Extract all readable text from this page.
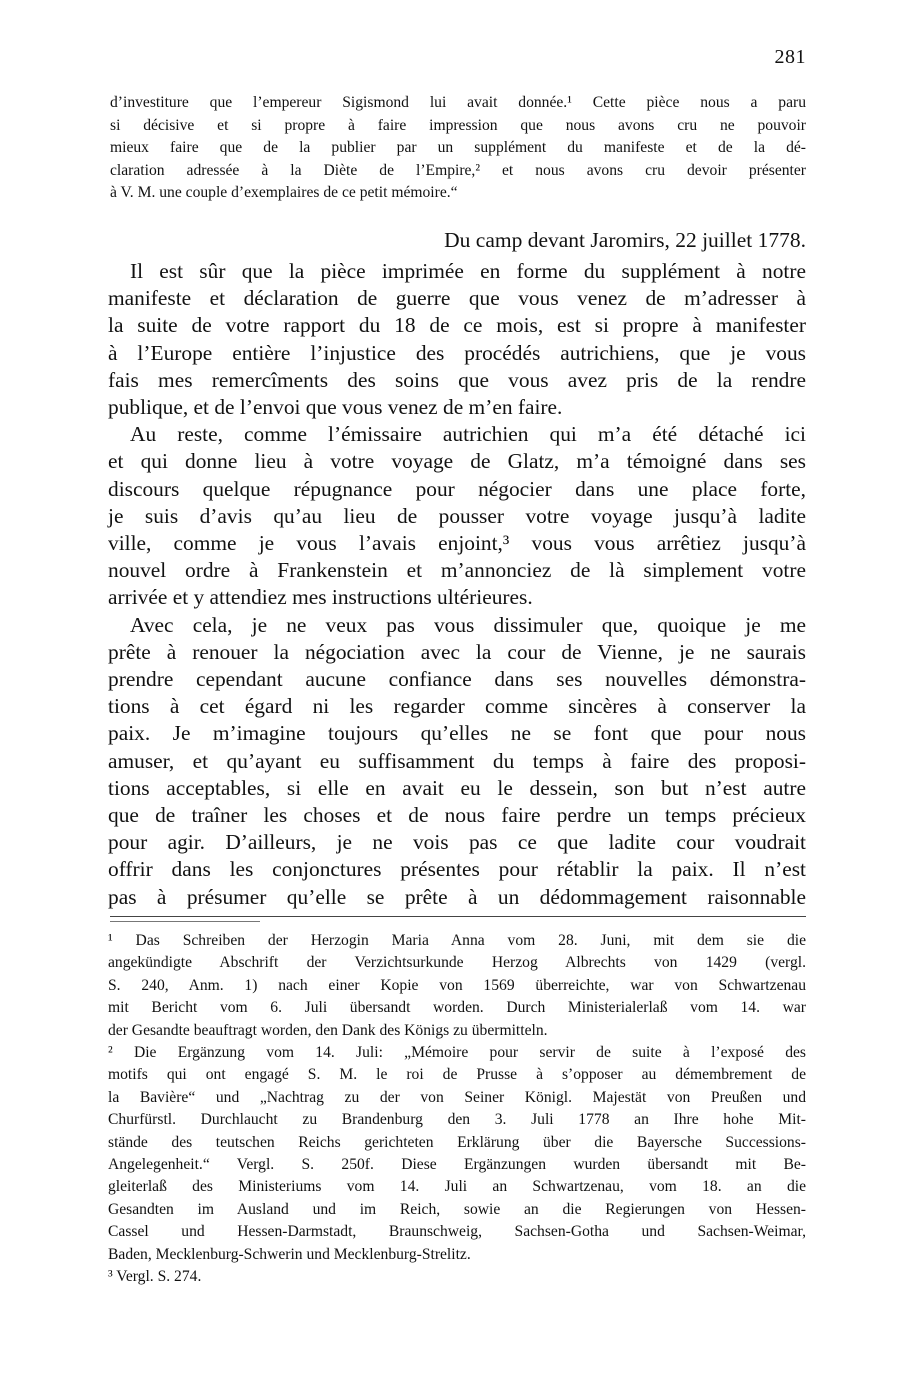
281
d’investiture que l’empereur Sigismond lui avait donnée.¹ Cette pièce nous a paru
si décisive et si propre à faire impression que nous avons cru ne pouvoir
mieux faire que de la publier par un supplément du manifeste et de la dé-
claration adressée à la Diète de l’Empire,² et nous avons cru devoir présenter
à V. M. une couple d’exemplaires de ce petit mémoire.“
Du camp devant Jaromirs, 22 juillet 1778.
Il est sûr que la pièce imprimée en forme du supplément à notre
manifeste et déclaration de guerre que vous venez de m’adresser à
la suite de votre rapport du 18 de ce mois, est si propre à manifester
à l’Europe entière l’injustice des procédés autrichiens, que je vous
fais mes remercîments des soins que vous avez pris de la rendre
publique, et de l’envoi que vous venez de m’en faire.
Au reste, comme l’émissaire autrichien qui m’a été détaché ici
et qui donne lieu à votre voyage de Glatz, m’a témoigné dans ses
discours quelque répugnance pour négocier dans une place forte,
je suis d’avis qu’au lieu de pousser votre voyage jusqu’à ladite
ville, comme je vous l’avais enjoint,³ vous vous arrêtiez jusqu’à
nouvel ordre à Frankenstein et m’annonciez de là simplement votre
arrivée et y attendiez mes instructions ultérieures.
Avec cela, je ne veux pas vous dissimuler que, quoique je me
prête à renouer la négociation avec la cour de Vienne, je ne saurais
prendre cependant aucune confiance dans ses nouvelles démonstra-
tions à cet égard ni les regarder comme sincères à conserver la
paix. Je m’imagine toujours qu’elles ne se font que pour nous
amuser, et qu’ayant eu suffisamment du temps à faire des proposi-
tions acceptables, si elle en avait eu le dessein, son but n’est autre
que de traîner les choses et de nous faire perdre un temps précieux
pour agir. D’ailleurs, je ne vois pas ce que ladite cour voudrait
offrir dans les conjonctures présentes pour rétablir la paix. Il n’est
pas à présumer qu’elle se prête à un dédommagement raisonnable
¹ Das Schreiben der Herzogin Maria Anna vom 28. Juni, mit dem sie die
angekündigte Abschrift der Verzichtsurkunde Herzog Albrechts von 1429 (vergl.
S. 240, Anm. 1) nach einer Kopie von 1569 überreichte, war von Schwartzenau
mit Bericht vom 6. Juli übersandt worden. Durch Ministerialerlaß vom 14. war
der Gesandte beauftragt worden, den Dank des Königs zu übermitteln.
² Die Ergänzung vom 14. Juli: „Mémoire pour servir de suite à l’exposé des
motifs qui ont engagé S. M. le roi de Prusse à s’opposer au démembrement de
la Bavière“ und „Nachtrag zu der von Seiner Königl. Majestät von Preußen und
Churfürstl. Durchlaucht zu Brandenburg den 3. Juli 1778 an Ihre hohe Mit-
stände des teutschen Reichs gerichteten Erklärung über die Bayersche Successions-
Angelegenheit.“ Vergl. S. 250f. Diese Ergänzungen wurden übersandt mit Be-
gleiterlaß des Ministeriums vom 14. Juli an Schwartzenau, vom 18. an die
Gesandten im Ausland und im Reich, sowie an die Regierungen von Hessen-
Cassel und Hessen-Darmstadt, Braunschweig, Sachsen-Gotha und Sachsen-Weimar,
Baden, Mecklenburg-Schwerin und Mecklenburg-Strelitz.
³ Vergl. S. 274.
